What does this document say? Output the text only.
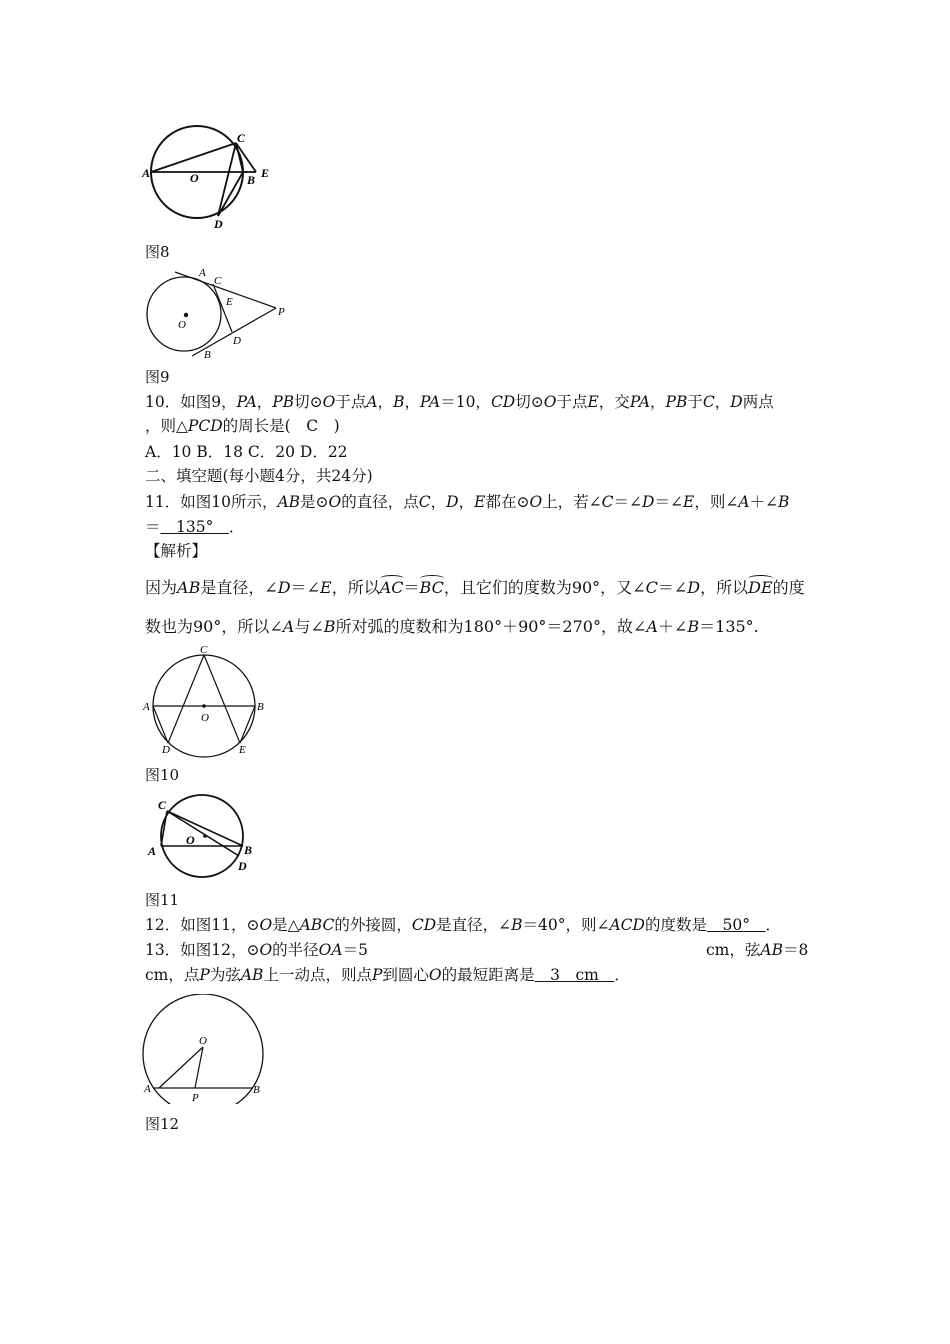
A	O
C
B E
D
图8
A
C
E
P
O
D
B
图9
10．如图9，PA，PB切⊙O于点A，B，PA＝10，CD切⊙O于点E，交PA，PB于C，D两点
，则△PCD的周长是(　C　)
A．10 B．18 C．20 D．22
二、填空题(每小题4分，共24分)
11．如图10所示，AB是⊙O的直径，点C，D，E都在⊙O上，若∠C＝∠D＝∠E，则∠A＋∠B
＝　135°　．
【解析】
因为AB是直径，∠D＝∠E，所以AC＝BC，且它们的度数为90°，又∠C＝∠D，所以DE的度
数也为90°，所以∠A与∠B所对弧的度数和为180°＋90°＝270°，故∠A＋∠B＝135°.
C
A	B
O
D	E
图10
C
A
O
B
D
图11
12．如图11，⊙O是△ABC的外接圆，CD是直径，∠B＝40°，则∠ACD的度数是　50°　．
13．如图12，⊙O的半径OA＝5	cm，弦AB＝8
cm，点P为弦AB上一动点，则点P到圆心O的最短距离是　3　cm　．
O
A	B
P
图12
